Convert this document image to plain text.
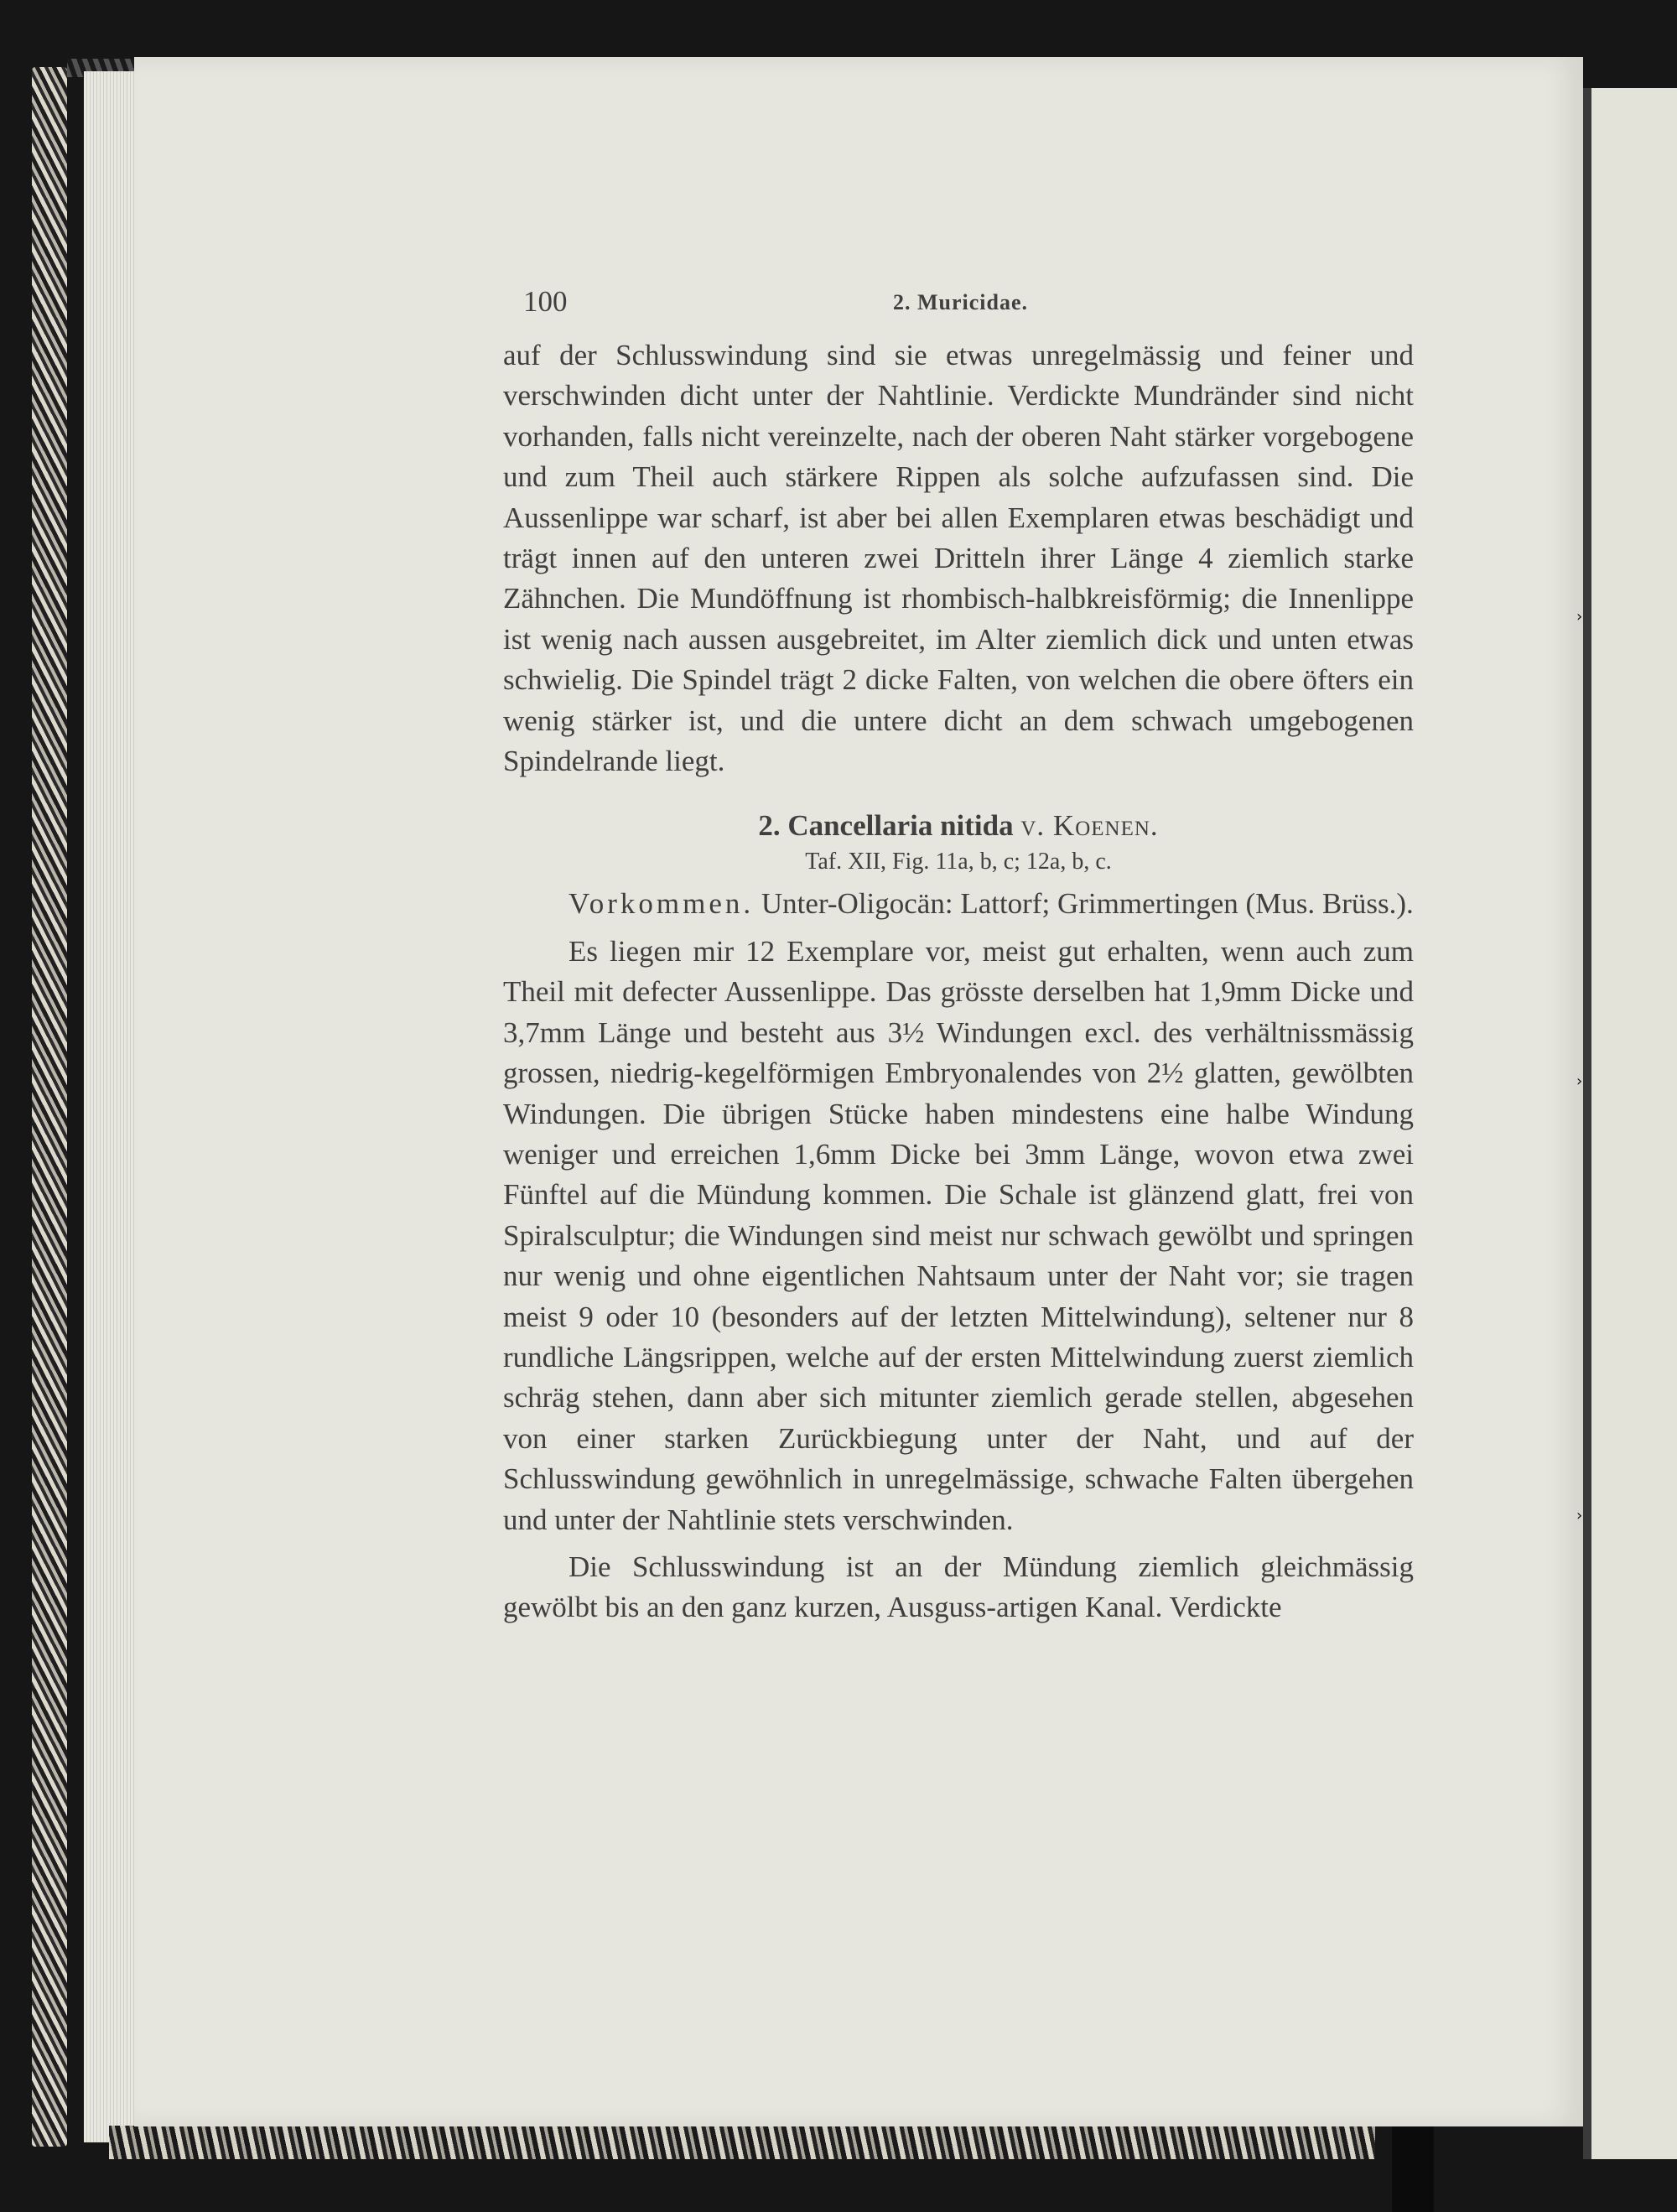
›
›
›
100	2. Muricidae.

auf der Schlusswindung sind sie etwas unregelmässig und feiner und verschwinden dicht unter der Nahtlinie. Verdickte Mundränder sind nicht vorhanden, falls nicht vereinzelte, nach der oberen Naht stärker vorgebogene und zum Theil auch stärkere Rippen als solche aufzufassen sind. Die Aussenlippe war scharf, ist aber bei allen Exemplaren etwas beschädigt und trägt innen auf den unteren zwei Dritteln ihrer Länge 4 ziemlich starke Zähnchen. Die Mundöffnung ist rhombisch-halbkreisförmig; die Innenlippe ist wenig nach aussen ausgebreitet, im Alter ziemlich dick und unten etwas schwielig. Die Spindel trägt 2 dicke Falten, von welchen die obere öfters ein wenig stärker ist, und die untere dicht an dem schwach umgebogenen Spindelrande liegt.

2. Cancellaria nitida v. Koenen.
Taf. XII, Fig. 11a, b, c; 12a, b, c.

Vorkommen. Unter-Oligocän: Lattorf; Grimmertingen (Mus. Brüss.).

Es liegen mir 12 Exemplare vor, meist gut erhalten, wenn auch zum Theil mit defecter Aussenlippe. Das grösste derselben hat 1,9mm Dicke und 3,7mm Länge und besteht aus 3½ Windungen excl. des verhältnissmässig grossen, niedrig-kegelförmigen Embryonalendes von 2½ glatten, gewölbten Windungen. Die übrigen Stücke haben mindestens eine halbe Windung weniger und erreichen 1,6mm Dicke bei 3mm Länge, wovon etwa zwei Fünftel auf die Mündung kommen. Die Schale ist glänzend glatt, frei von Spiralsculptur; die Windungen sind meist nur schwach gewölbt und springen nur wenig und ohne eigentlichen Nahtsaum unter der Naht vor; sie tragen meist 9 oder 10 (besonders auf der letzten Mittelwindung), seltener nur 8 rundliche Längsrippen, welche auf der ersten Mittelwindung zuerst ziemlich schräg stehen, dann aber sich mitunter ziemlich gerade stellen, abgesehen von einer starken Zurückbiegung unter der Naht, und auf der Schlusswindung gewöhnlich in unregelmässige, schwache Falten übergehen und unter der Nahtlinie stets verschwinden.

Die Schlusswindung ist an der Mündung ziemlich gleichmässig gewölbt bis an den ganz kurzen, Ausguss-artigen Kanal. Verdickte
